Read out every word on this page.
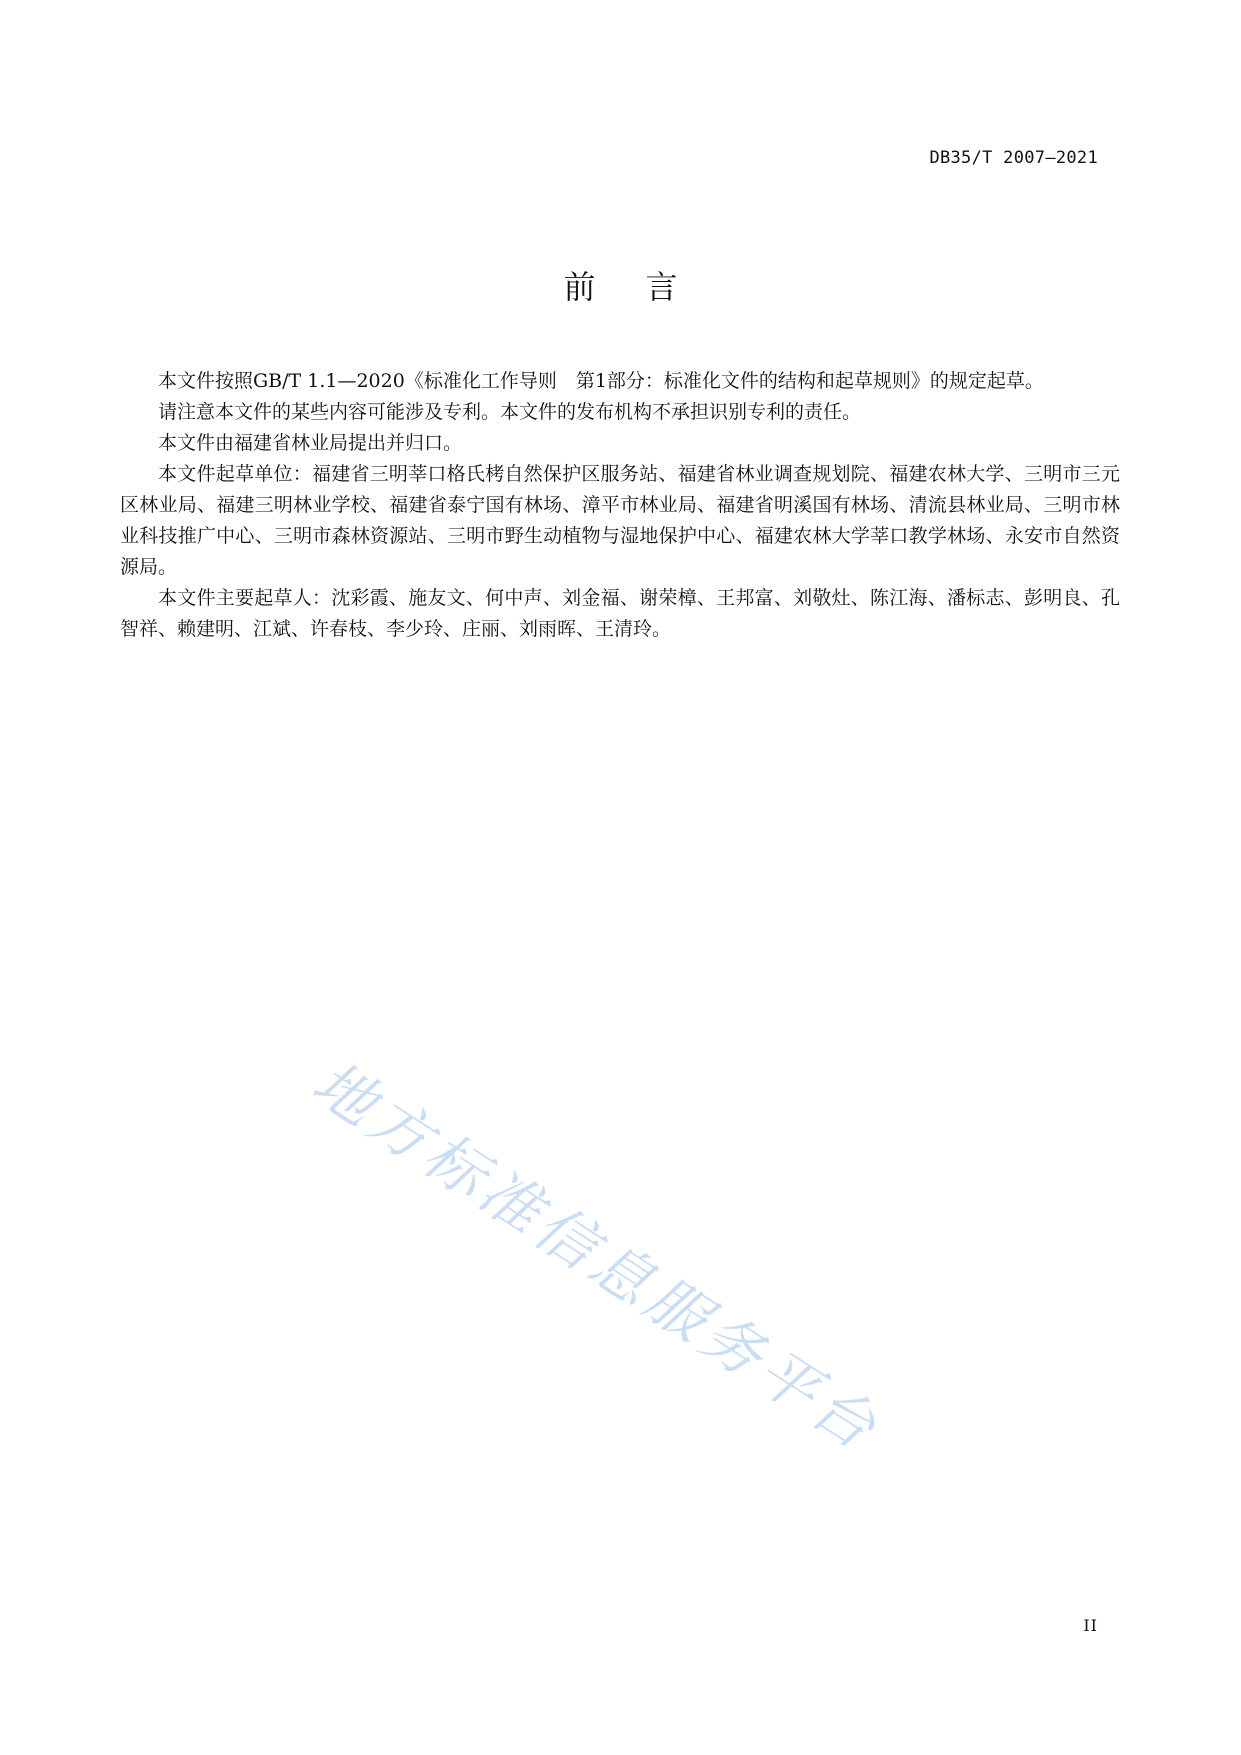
DB35/T 2007—2021
前言

本文件按照GB/T 1.1—2020《标准化工作导则　第1部分：标准化文件的结构和起草规则》的规定起草。

请注意本文件的某些内容可能涉及专利。本文件的发布机构不承担识别专利的责任。

本文件由福建省林业局提出并归口。

本文件起草单位：福建省三明莘口格氏栲自然保护区服务站、福建省林业调查规划院、福建农林大学、三明市三元区林业局、福建三明林业学校、福建省泰宁国有林场、漳平市林业局、福建省明溪国有林场、清流县林业局、三明市林业科技推广中心、三明市森林资源站、三明市野生动植物与湿地保护中心、福建农林大学莘口教学林场、永安市自然资源局。

本文件主要起草人：沈彩霞、施友文、何中声、刘金福、谢荣樟、王邦富、刘敬灶、陈江海、潘标志、彭明良、孔智祥、赖建明、江斌、许春枝、李少玲、庄丽、刘雨晖、王清玲。

地方标准信息服务平台
II
